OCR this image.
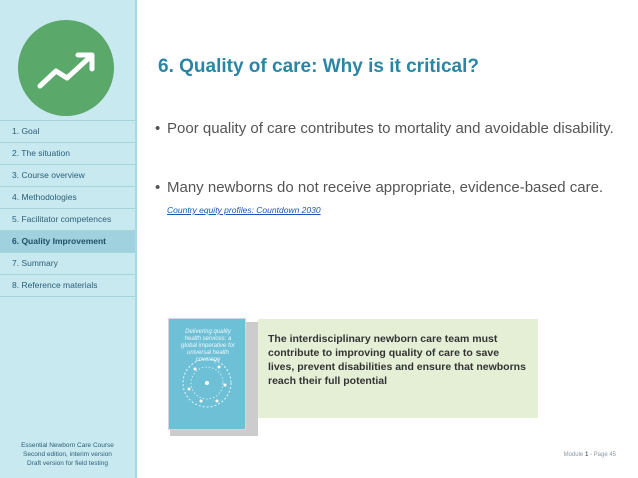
1. Goal
2. The situation
3. Course overview
4. Methodologies
5. Facilitator competences
6. Quality Improvement
7. Summary
8. Reference materials
Essential Newborn Care Course
Second edition, interim version
Draft version for field testing
6. Quality of care: Why is it critical?
• Poor quality of care contributes to mortality and avoidable disability.
• Many newborns do not receive appropriate, evidence-based care. Country equity profiles: Countdown 2030
Delivering quality health services: a global imperative for universal health coverage
The interdisciplinary newborn care team must contribute to improving quality of care to save lives, prevent disabilities and ensure that newborns reach their full potential
Module 1 - Page 45
